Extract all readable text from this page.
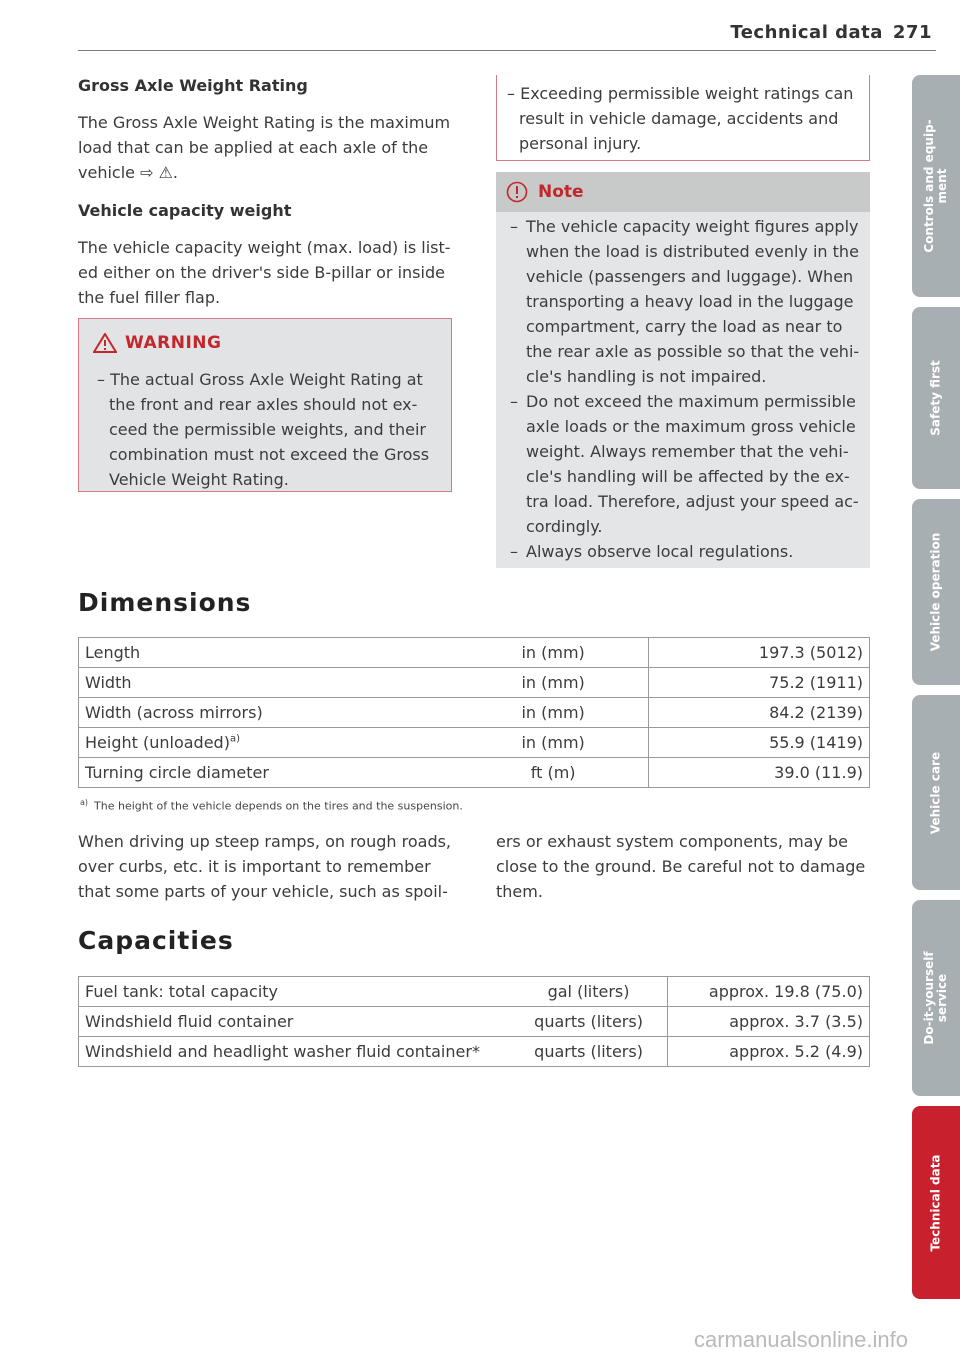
Technical data 271
Gross Axle Weight Rating
The Gross Axle Weight Rating is the maximum
load that can be applied at each axle of the
vehicle ⇨ ⚠.
Vehicle capacity weight
The vehicle capacity weight (max. load) is list-
ed either on the driver's side B-pillar or inside
the fuel filler flap.
WARNING
– The actual Gross Axle Weight Rating at
the front and rear axles should not ex-
ceed the permissible weights, and their
combination must not exceed the Gross
Vehicle Weight Rating.
– Exceeding permissible weight ratings can
result in vehicle damage, accidents and
personal injury.
Note
– The vehicle capacity weight figures apply
when the load is distributed evenly in the
vehicle (passengers and luggage). When
transporting a heavy load in the luggage
compartment, carry the load as near to
the rear axle as possible so that the vehi-
cle's handling is not impaired.
– Do not exceed the maximum permissible
axle loads or the maximum gross vehicle
weight. Always remember that the vehi-
cle's handling will be affected by the ex-
tra load. Therefore, adjust your speed ac-
cordingly.
– Always observe local regulations.
Dimensions
Length	in (mm)	197.3 (5012)
Width	in (mm)	75.2 (1911)
Width (across mirrors)	in (mm)	84.2 (2139)
Height (unloaded)$^{a)}$	in (mm)	55.9 (1419)
Turning circle diameter	ft (m)	39.0 (11.9)
$^{a)}$ The height of the vehicle depends on the tires and the suspension.
When driving up steep ramps, on rough roads,
over curbs, etc. it is important to remember
that some parts of your vehicle, such as spoil-
ers or exhaust system components, may be
close to the ground. Be careful not to damage
them.
Capacities
Fuel tank: total capacity	gal (liters)	approx. 19.8 (75.0)
Windshield fluid container	quarts (liters)	approx. 3.7 (3.5)
Windshield and headlight washer fluid container*	quarts (liters)	approx. 5.2 (4.9)
Controls and equip-
ment
Safety first
Vehicle operation
Vehicle care
Do-it-yourself
service
Technical data
carmanualsonline.info
